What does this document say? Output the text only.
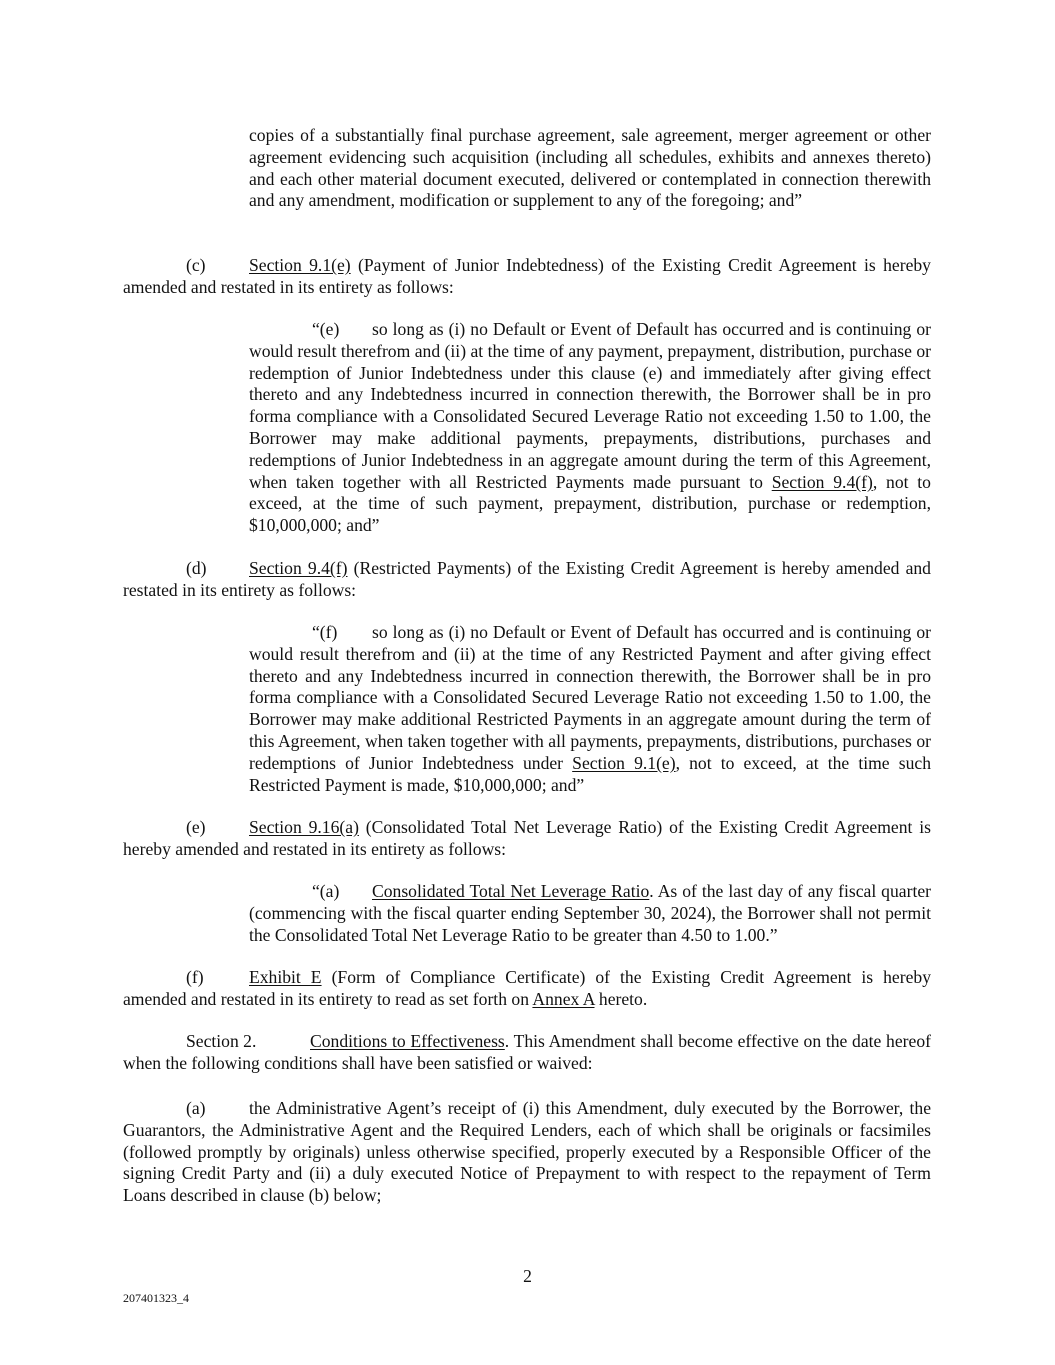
copies of a substantially final purchase agreement, sale agreement, merger agreement or other agreement evidencing such acquisition (including all schedules, exhibits and annexes thereto) and each other material document executed, delivered or contemplated in connection therewith and any amendment, modification or supplement to any of the foregoing; and”

(c) Section 9.1(e) (Payment of Junior Indebtedness) of the Existing Credit Agreement is hereby amended and restated in its entirety as follows:

“(e) so long as (i) no Default or Event of Default has occurred and is continuing or would result therefrom and (ii) at the time of any payment, prepayment, distribution, purchase or redemption of Junior Indebtedness under this clause (e) and immediately after giving effect thereto and any Indebtedness incurred in connection therewith, the Borrower shall be in pro forma compliance with a Consolidated Secured Leverage Ratio not exceeding 1.50 to 1.00, the Borrower may make additional payments, prepayments, distributions, purchases and redemptions of Junior Indebtedness in an aggregate amount during the term of this Agreement, when taken together with all Restricted Payments made pursuant to Section 9.4(f), not to exceed, at the time of such payment, prepayment, distribution, purchase or redemption, $10,000,000; and”

(d) Section 9.4(f) (Restricted Payments) of the Existing Credit Agreement is hereby amended and restated in its entirety as follows:

“(f) so long as (i) no Default or Event of Default has occurred and is continuing or would result therefrom and (ii) at the time of any Restricted Payment and after giving effect thereto and any Indebtedness incurred in connection therewith, the Borrower shall be in pro forma compliance with a Consolidated Secured Leverage Ratio not exceeding 1.50 to 1.00, the Borrower may make additional Restricted Payments in an aggregate amount during the term of this Agreement, when taken together with all payments, prepayments, distributions, purchases or redemptions of Junior Indebtedness under Section 9.1(e), not to exceed, at the time such Restricted Payment is made, $10,000,000; and”

(e) Section 9.16(a) (Consolidated Total Net Leverage Ratio) of the Existing Credit Agreement is hereby amended and restated in its entirety as follows:

“(a) Consolidated Total Net Leverage Ratio. As of the last day of any fiscal quarter (commencing with the fiscal quarter ending September 30, 2024), the Borrower shall not permit the Consolidated Total Net Leverage Ratio to be greater than 4.50 to 1.00.”

(f)	Exhibit E (Form of Compliance Certificate) of the Existing Credit Agreement is hereby amended and restated in its entirety to read as set forth on Annex A hereto.

Section 2.	Conditions to Effectiveness. This Amendment shall become effective on the date hereof when the following conditions shall have been satisfied or waived:

(a) the Administrative Agent’s receipt of (i) this Amendment, duly executed by the Borrower, the Guarantors, the Administrative Agent and the Required Lenders, each of which shall be originals or facsimiles (followed promptly by originals) unless otherwise specified, properly executed by a Responsible Officer of the signing Credit Party and (ii) a duly executed Notice of Prepayment to with respect to the repayment of Term Loans described in clause (b) below;

2
207401323_4
